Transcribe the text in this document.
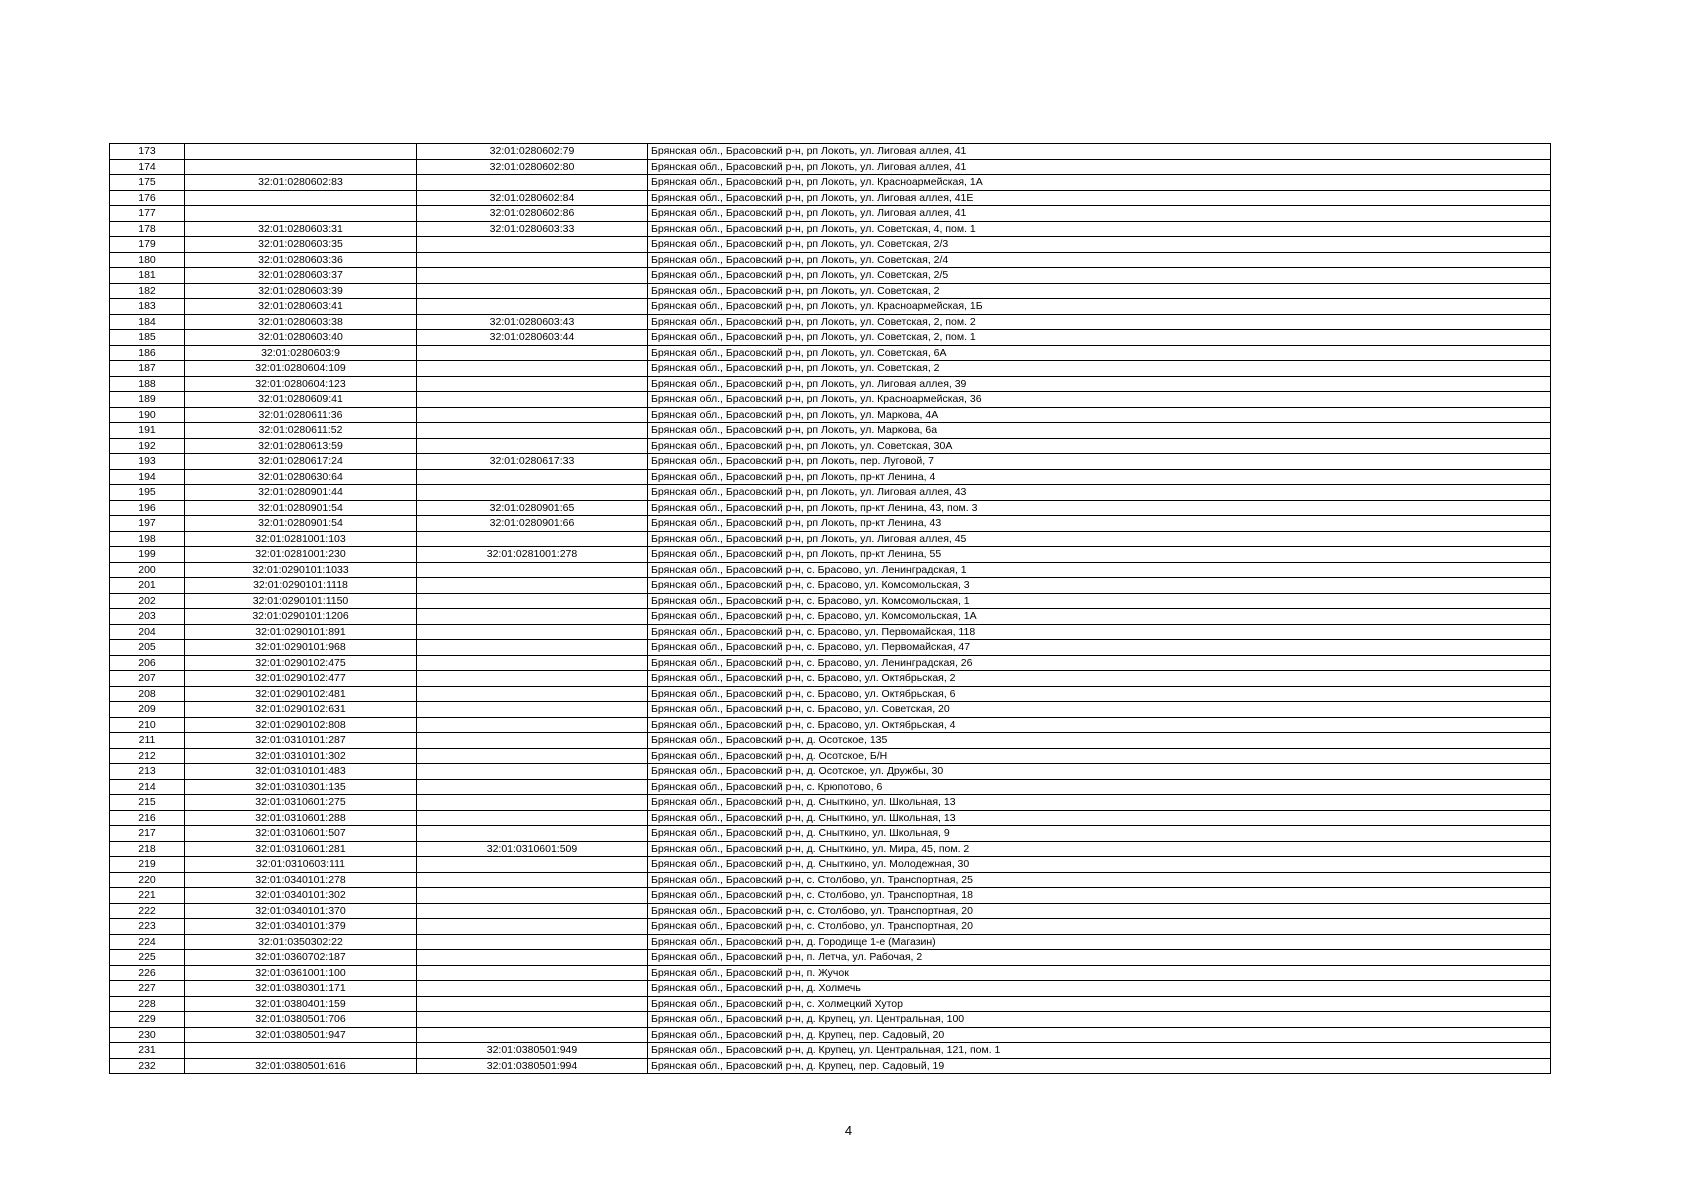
173		32:01:0280602:79	Брянская обл., Брасовский р-н, рп Локоть, ул. Лиговая аллея, 41
174		32:01:0280602:80	Брянская обл., Брасовский р-н, рп Локоть, ул. Лиговая аллея, 41
175	32:01:0280602:83		Брянская обл., Брасовский р-н, рп Локоть, ул. Красноармейская, 1А
176		32:01:0280602:84	Брянская обл., Брасовский р-н, рп Локоть, ул. Лиговая аллея, 41Е
177		32:01:0280602:86	Брянская обл., Брасовский р-н, рп Локоть, ул. Лиговая аллея, 41
178	32:01:0280603:31	32:01:0280603:33	Брянская обл., Брасовский р-н, рп Локоть, ул. Советская, 4, пом. 1
179	32:01:0280603:35		Брянская обл., Брасовский р-н, рп Локоть, ул. Советская, 2/3
180	32:01:0280603:36		Брянская обл., Брасовский р-н, рп Локоть, ул. Советская, 2/4
181	32:01:0280603:37		Брянская обл., Брасовский р-н, рп Локоть, ул. Советская, 2/5
182	32:01:0280603:39		Брянская обл., Брасовский р-н, рп Локоть, ул. Советская, 2
183	32:01:0280603:41		Брянская обл., Брасовский р-н, рп Локоть, ул. Красноармейская, 1Б
184	32:01:0280603:38	32:01:0280603:43	Брянская обл., Брасовский р-н, рп Локоть, ул. Советская, 2, пом. 2
185	32:01:0280603:40	32:01:0280603:44	Брянская обл., Брасовский р-н, рп Локоть, ул. Советская, 2, пом. 1
186	32:01:0280603:9		Брянская обл., Брасовский р-н, рп Локоть, ул. Советская, 6А
187	32:01:0280604:109		Брянская обл., Брасовский р-н, рп Локоть, ул. Советская, 2
188	32:01:0280604:123		Брянская обл., Брасовский р-н, рп Локоть, ул. Лиговая аллея, 39
189	32:01:0280609:41		Брянская обл., Брасовский р-н, рп Локоть, ул. Красноармейская, 36
190	32:01:0280611:36		Брянская обл., Брасовский р-н, рп Локоть, ул. Маркова, 4А
191	32:01:0280611:52		Брянская обл., Брасовский р-н, рп Локоть, ул. Маркова, 6а
192	32:01:0280613:59		Брянская обл., Брасовский р-н, рп Локоть, ул. Советская, 30А
193	32:01:0280617:24	32:01:0280617:33	Брянская обл., Брасовский р-н, рп Локоть, пер. Луговой, 7
194	32:01:0280630:64		Брянская обл., Брасовский р-н, рп Локоть, пр-кт Ленина, 4
195	32:01:0280901:44		Брянская обл., Брасовский р-н, рп Локоть, ул. Лиговая аллея, 43
196	32:01:0280901:54	32:01:0280901:65	Брянская обл., Брасовский р-н, рп Локоть, пр-кт Ленина, 43, пом. 3
197	32:01:0280901:54	32:01:0280901:66	Брянская обл., Брасовский р-н, рп Локоть, пр-кт Ленина, 43
198	32:01:0281001:103		Брянская обл., Брасовский р-н, рп Локоть, ул. Лиговая аллея, 45
199	32:01:0281001:230	32:01:0281001:278	Брянская обл., Брасовский р-н, рп Локоть, пр-кт Ленина, 55
200	32:01:0290101:1033		Брянская обл., Брасовский р-н, с. Брасово, ул. Ленинградская, 1
201	32:01:0290101:1118		Брянская обл., Брасовский р-н, с. Брасово, ул. Комсомольская, 3
202	32:01:0290101:1150		Брянская обл., Брасовский р-н, с. Брасово, ул. Комсомольская, 1
203	32:01:0290101:1206		Брянская обл., Брасовский р-н, с. Брасово, ул. Комсомольская, 1А
204	32:01:0290101:891		Брянская обл., Брасовский р-н, с. Брасово, ул. Первомайская, 118
205	32:01:0290101:968		Брянская обл., Брасовский р-н, с. Брасово, ул. Первомайская, 47
206	32:01:0290102:475		Брянская обл., Брасовский р-н, с. Брасово, ул. Ленинградская, 26
207	32:01:0290102:477		Брянская обл., Брасовский р-н, с. Брасово, ул. Октябрьская, 2
208	32:01:0290102:481		Брянская обл., Брасовский р-н, с. Брасово, ул. Октябрьская, 6
209	32:01:0290102:631		Брянская обл., Брасовский р-н, с. Брасово, ул. Советская, 20
210	32:01:0290102:808		Брянская обл., Брасовский р-н, с. Брасово, ул. Октябрьская, 4
211	32:01:0310101:287		Брянская обл., Брасовский р-н, д. Осотское, 135
212	32:01:0310101:302		Брянская обл., Брасовский р-н, д. Осотское, Б/Н
213	32:01:0310101:483		Брянская обл., Брасовский р-н, д. Осотское, ул. Дружбы, 30
214	32:01:0310301:135		Брянская обл., Брасовский р-н, с. Крюпотово, 6
215	32:01:0310601:275		Брянская обл., Брасовский р-н, д. Сныткино, ул. Школьная, 13
216	32:01:0310601:288		Брянская обл., Брасовский р-н, д. Сныткино, ул. Школьная, 13
217	32:01:0310601:507		Брянская обл., Брасовский р-н, д. Сныткино, ул. Школьная, 9
218	32:01:0310601:281	32:01:0310601:509	Брянская обл., Брасовский р-н, д. Сныткино, ул. Мира, 45, пом. 2
219	32:01:0310603:111		Брянская обл., Брасовский р-н, д. Сныткино, ул. Молодежная, 30
220	32:01:0340101:278		Брянская обл., Брасовский р-н, с. Столбово, ул. Транспортная, 25
221	32:01:0340101:302		Брянская обл., Брасовский р-н, с. Столбово, ул. Транспортная, 18
222	32:01:0340101:370		Брянская обл., Брасовский р-н, с. Столбово, ул. Транспортная, 20
223	32:01:0340101:379		Брянская обл., Брасовский р-н, с. Столбово, ул. Транспортная, 20
224	32:01:0350302:22		Брянская обл., Брасовский р-н, д. Городище 1-е (Магазин)
225	32:01:0360702:187		Брянская обл., Брасовский р-н, п. Летча, ул. Рабочая, 2
226	32:01:0361001:100		Брянская обл., Брасовский р-н, п. Жучок
227	32:01:0380301:171		Брянская обл., Брасовский р-н, д. Холмечь
228	32:01:0380401:159		Брянская обл., Брасовский р-н, с. Холмецкий Хутор
229	32:01:0380501:706		Брянская обл., Брасовский р-н, д. Крупец, ул. Центральная, 100
230	32:01:0380501:947		Брянская обл., Брасовский р-н, д. Крупец, пер. Садовый, 20
231		32:01:0380501:949	Брянская обл., Брасовский р-н, д. Крупец, ул. Центральная, 121, пом. 1
232	32:01:0380501:616	32:01:0380501:994	Брянская обл., Брасовский р-н, д. Крупец, пер. Садовый, 19
4
